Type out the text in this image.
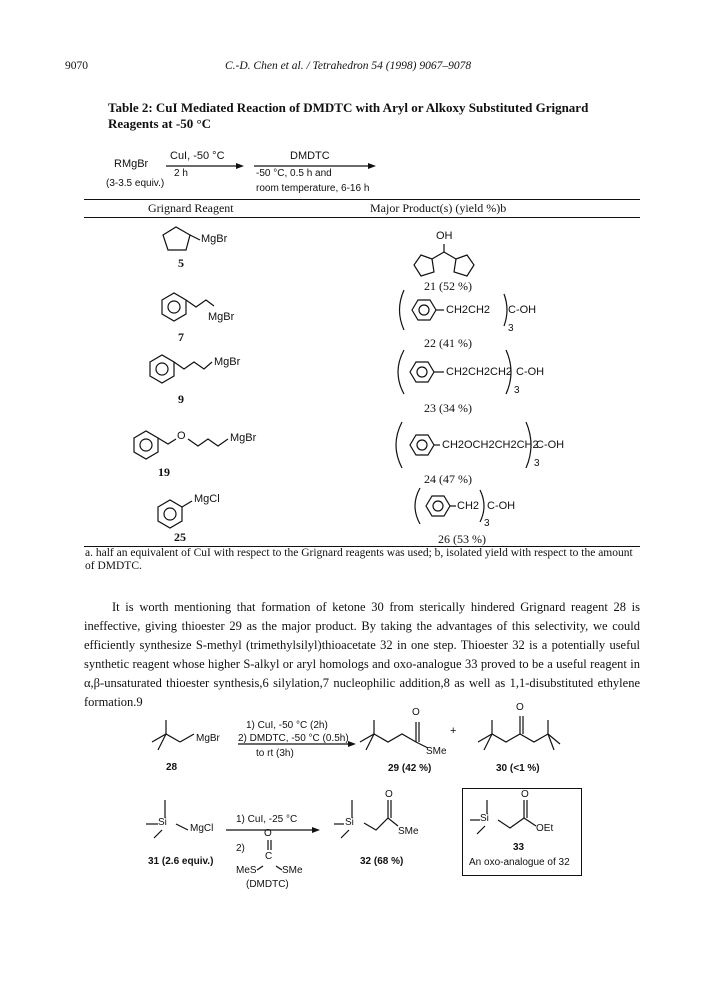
9070	C.-D. Chen et al. / Tetrahedron 54 (1998) 9067–9078
Table 2: CuI Mediated Reaction of DMDTC with Aryl or Alkoxy Substituted Grignard
Reagents at -50 °C
RMgBr
(3-3.5 equiv.)
CuI, -50 °C
2 h
DMDTC
-50 °C, 0.5 h and
room temperature, 6-16 h
Grignard Reagent	Major Product(s) (yield %)b
MgBr
5
OH
21 (52 %)
MgBr
7
CH2CH2 C-OH
3
22 (41 %)
MgBr
9
CH2CH2CH2 C-OH
3
23 (34 %)
O	MgBr
19
CH2OCH2CH2CH2
C-OH
3
24 (47 %)
MgCl
25
CH2 C-OH
3
26 (53 %)
a. half an equivalent of CuI with respect to the Grignard reagents was used; b, isolated yield with respect to the amount of DMDTC.

It is worth mentioning that formation of ketone 30 from sterically hindered Grignard reagent 28 is ineffective, giving thioester 29 as the major product. By taking the advantages of this selectivity, we could efficiently synthesize S-methyl (trimethylsilyl)thioacetate 32 in one step. Thioester 32 is a potentially useful synthetic reagent whose higher S-alkyl or aryl homologs and oxo-analogue 33 proved to be a useful reagent in α,β-unsaturated thioester synthesis,6 silylation,7 nucleophilic addition,8 as well as 1,1-disubstituted ethylene formation.9

MgBr
28
1) CuI, -50 °C (2h)
2) DMDTC, -50 °C (0.5h)
to rt (3h)
O
SMe
29 (42 %)
+
O
30 (<1 %)
Si
MgCl
31 (2.6 equiv.)
1) CuI, -25 °C
2)
O
C
MeS	SMe
(DMDTC)
Si
O
SMe
32 (68 %)
Si
O
OEt
33
An oxo-analogue of 32
